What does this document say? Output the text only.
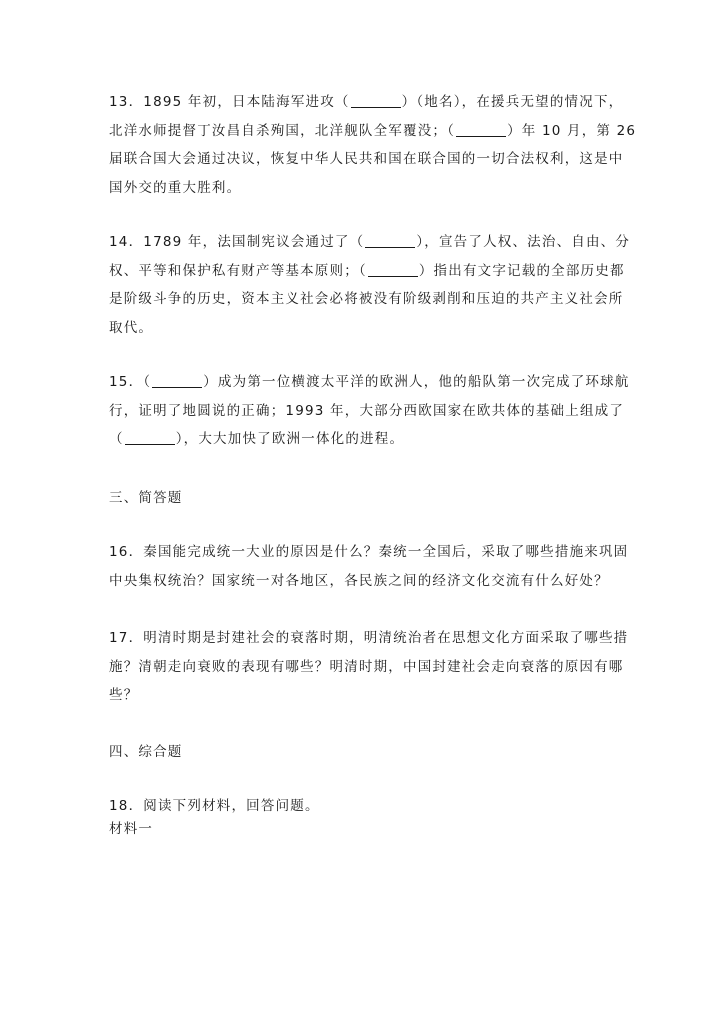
13．1895 年初，日本陆海军进攻（	）（地名），在援兵无望的情况下，
北洋水师提督丁汝昌自杀殉国，北洋舰队全军覆没；（	）年 10 月，第 26
届联合国大会通过决议，恢复中华人民共和国在联合国的一切合法权利，这是中
国外交的重大胜利。
14．1789 年，法国制宪议会通过了（	），宣告了人权、法治、自由、分
权、平等和保护私有财产等基本原则；（	）指出有文字记载的全部历史都
是阶级斗争的历史，资本主义社会必将被没有阶级剥削和压迫的共产主义社会所
取代。
15．（	）成为第一位横渡太平洋的欧洲人，他的船队第一次完成了环球航
行，证明了地圆说的正确；1993 年，大部分西欧国家在欧共体的基础上组成了
（	），大大加快了欧洲一体化的进程。
三、简答题
16．秦国能完成统一大业的原因是什么？秦统一全国后，采取了哪些措施来巩固
中央集权统治？国家统一对各地区，各民族之间的经济文化交流有什么好处？
17．明清时期是封建社会的衰落时期，明清统治者在思想文化方面采取了哪些措
施？清朝走向衰败的表现有哪些？明清时期，中国封建社会走向衰落的原因有哪
些？
四、综合题
18．阅读下列材料，回答问题。
材料一
